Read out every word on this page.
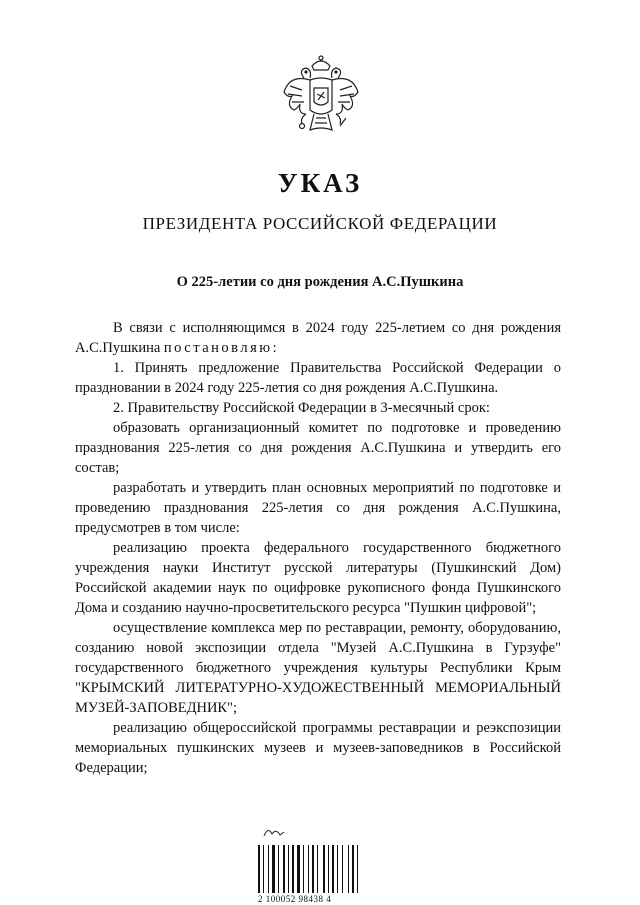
УКАЗ
ПРЕЗИДЕНТА РОССИЙСКОЙ ФЕДЕРАЦИИ
О 225-летии со дня рождения А.С.Пушкина

В связи с исполняющимся в 2024 году 225-летием со дня рождения А.С.Пушкина постановляю:

1. Принять предложение Правительства Российской Федерации о праздновании в 2024 году 225-летия со дня рождения А.С.Пушкина.

2. Правительству Российской Федерации в 3-месячный срок:

образовать организационный комитет по подготовке и проведению празднования 225-летия со дня рождения А.С.Пушкина и утвердить его состав;

разработать и утвердить план основных мероприятий по подготовке и проведению празднования 225-летия со дня рождения А.С.Пушкина, предусмотрев в том числе:

реализацию проекта федерального государственного бюджетного учреждения науки Институт русской литературы (Пушкинский Дом) Российской академии наук по оцифровке рукописного фонда Пушкинского Дома и созданию научно-просветительского ресурса "Пушкин цифровой";

осуществление комплекса мер по реставрации, ремонту, оборудованию, созданию новой экспозиции отдела "Музей А.С.Пушкина в Гурзуфе" государственного бюджетного учреждения культуры Республики Крым "КРЫМСКИЙ ЛИТЕРАТУРНО-ХУДОЖЕСТВЕННЫЙ МЕМОРИАЛЬНЫЙ МУЗЕЙ-ЗАПОВЕДНИК";

реализацию общероссийской программы реставрации и реэкспозиции мемориальных пушкинских музеев и музеев-заповедников в Российской Федерации;

2 100052 98438 4
